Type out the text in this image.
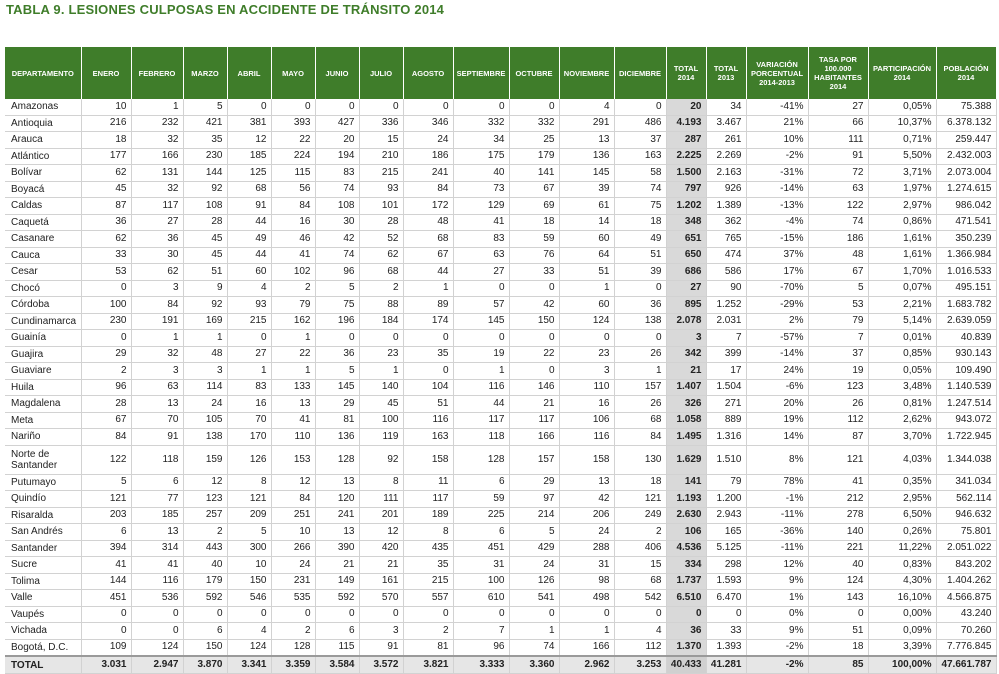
TABLA 9. LESIONES CULPOSAS EN ACCIDENTE DE TRÁNSITO 2014
DEPARTAMENTO	ENERO	FEBRERO	MARZO	ABRIL	MAYO	JUNIO	JULIO	AGOSTO	SEPTIEMBRE	OCTUBRE	NOVIEMBRE	DICIEMBRE	TOTAL 2014	TOTAL 2013	VARIACIÓN PORCENTUAL 2014-2013	TASA POR 100.000 HABITANTES 2014	PARTICIPACIÓN 2014	POBLACIÓN 2014
Amazonas	10	1	5	0	0	0	0	0	0	0	4	0	20	34	-41%	27	0,05%	75.388
Antioquia	216	232	421	381	393	427	336	346	332	332	291	486	4.193	3.467	21%	66	10,37%	6.378.132
Arauca	18	32	35	12	22	20	15	24	34	25	13	37	287	261	10%	111	0,71%	259.447
Atlántico	177	166	230	185	224	194	210	186	175	179	136	163	2.225	2.269	-2%	91	5,50%	2.432.003
Bolívar	62	131	144	125	115	83	215	241	40	141	145	58	1.500	2.163	-31%	72	3,71%	2.073.004
Boyacá	45	32	92	68	56	74	93	84	73	67	39	74	797	926	-14%	63	1,97%	1.274.615
Caldas	87	117	108	91	84	108	101	172	129	69	61	75	1.202	1.389	-13%	122	2,97%	986.042
Caquetá	36	27	28	44	16	30	28	48	41	18	14	18	348	362	-4%	74	0,86%	471.541
Casanare	62	36	45	49	46	42	52	68	83	59	60	49	651	765	-15%	186	1,61%	350.239
Cauca	33	30	45	44	41	74	62	67	63	76	64	51	650	474	37%	48	1,61%	1.366.984
Cesar	53	62	51	60	102	96	68	44	27	33	51	39	686	586	17%	67	1,70%	1.016.533
Chocó	0	3	9	4	2	5	2	1	0	0	1	0	27	90	-70%	5	0,07%	495.151
Córdoba	100	84	92	93	79	75	88	89	57	42	60	36	895	1.252	-29%	53	2,21%	1.683.782
Cundinamarca	230	191	169	215	162	196	184	174	145	150	124	138	2.078	2.031	2%	79	5,14%	2.639.059
Guainía	0	1	1	0	1	0	0	0	0	0	0	0	3	7	-57%	7	0,01%	40.839
Guajira	29	32	48	27	22	36	23	35	19	22	23	26	342	399	-14%	37	0,85%	930.143
Guaviare	2	3	3	1	1	5	1	0	1	0	3	1	21	17	24%	19	0,05%	109.490
Huila	96	63	114	83	133	145	140	104	116	146	110	157	1.407	1.504	-6%	123	3,48%	1.140.539
Magdalena	28	13	24	16	13	29	45	51	44	21	16	26	326	271	20%	26	0,81%	1.247.514
Meta	67	70	105	70	41	81	100	116	117	117	106	68	1.058	889	19%	112	2,62%	943.072
Nariño	84	91	138	170	110	136	119	163	118	166	116	84	1.495	1.316	14%	87	3,70%	1.722.945
Norte de Santander	122	118	159	126	153	128	92	158	128	157	158	130	1.629	1.510	8%	121	4,03%	1.344.038
Putumayo	5	6	12	8	12	13	8	11	6	29	13	18	141	79	78%	41	0,35%	341.034
Quindío	121	77	123	121	84	120	111	117	59	97	42	121	1.193	1.200	-1%	212	2,95%	562.114
Risaralda	203	185	257	209	251	241	201	189	225	214	206	249	2.630	2.943	-11%	278	6,50%	946.632
San Andrés	6	13	2	5	10	13	12	8	6	5	24	2	106	165	-36%	140	0,26%	75.801
Santander	394	314	443	300	266	390	420	435	451	429	288	406	4.536	5.125	-11%	221	11,22%	2.051.022
Sucre	41	41	40	10	24	21	21	35	31	24	31	15	334	298	12%	40	0,83%	843.202
Tolima	144	116	179	150	231	149	161	215	100	126	98	68	1.737	1.593	9%	124	4,30%	1.404.262
Valle	451	536	592	546	535	592	570	557	610	541	498	542	6.510	6.470	1%	143	16,10%	4.566.875
Vaupés	0	0	0	0	0	0	0	0	0	0	0	0	0	0	0%	0	0,00%	43.240
Vichada	0	0	6	4	2	6	3	2	7	1	1	4	36	33	9%	51	0,09%	70.260
Bogotá, D.C.	109	124	150	124	128	115	91	81	96	74	166	112	1.370	1.393	-2%	18	3,39%	7.776.845
TOTAL	3.031	2.947	3.870	3.341	3.359	3.584	3.572	3.821	3.333	3.360	2.962	3.253	40.433	41.281	-2%	85	100,00%	47.661.787
